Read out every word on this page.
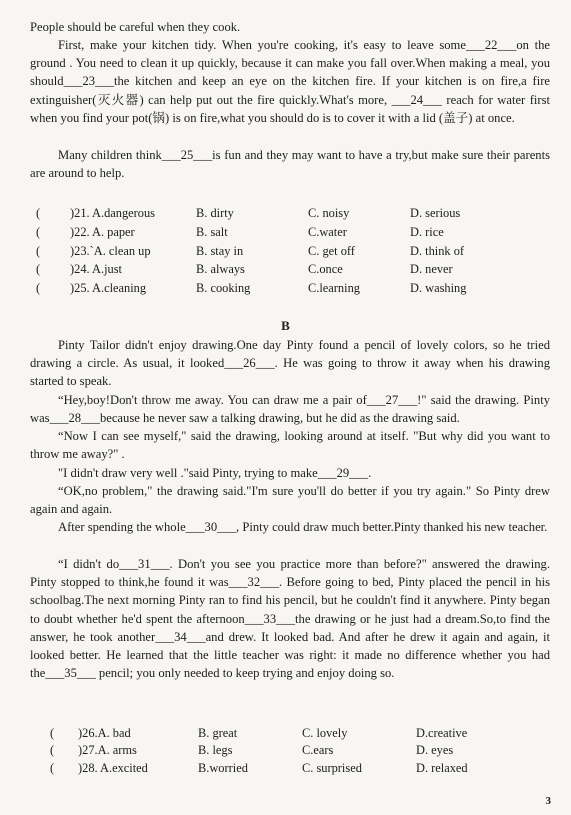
People should be careful when they cook.

First, make your kitchen tidy. When you're cooking, it's easy to leave some___22___on the ground . You need to clean it up quickly, because it can make you fall over.When making a meal, you should___23___the kitchen and keep an eye on the kitchen fire. If your kitchen is on fire,a fire extinguisher(灭火器) can help put out the fire quickly.What's more, ___24___ reach for water first when you find your pot(锅) is on fire,what you should do is to cover it with a lid (盖子) at once.

Many children think___25___is fun and they may want to have a try,but make sure their parents are around to help.

( )21. A.dangerous	B. dirty	C. noisy	D. serious
( )22. A. paper	B. salt	C.water	D. rice
( )23.`A. clean up	B. stay in	C. get off	D. think of
( )24. A.just	B. always	C.once	D. never
( )25. A.cleaning	B. cooking	C.learning	D. washing
B

Pinty Tailor didn't enjoy drawing.One day Pinty found a pencil of lovely colors, so he tried drawing a circle. As usual, it looked___26___. He was going to throw it away when his drawing started to speak.

“Hey,boy!Don't throw me away. You can draw me a pair of___27___!" said the drawing. Pinty was___28___because he never saw a talking drawing, but he did as the drawing said.

“Now I can see myself," said the drawing, looking around at itself. "But why did you want to throw me away?" .

"I didn't draw very well ."said Pinty, trying to make___29___.

“OK,no problem," the drawing said."I'm sure you'll do better if you try again." So Pinty drew again and again.

After spending the whole___30___, Pinty could draw much better.Pinty thanked his new teacher.

“I didn't do___31___. Don't you see you practice more than before?" answered the drawing. Pinty stopped to think,he found it was___32___. Before going to bed, Pinty placed the pencil in his schoolbag.The next morning Pinty ran to find his pencil, but he couldn't find it anywhere. Pinty began to doubt whether he'd spent the afternoon___33___the drawing or he just had a dream.So,to find the answer, he took another___34___and drew. It looked bad. And after he drew it again and again, it looked better. He learned that the little teacher was right: it made no difference whether you had the___35___ pencil; you only needed to keep trying and enjoy doing so.

( )26.A. bad	B. great	C. lovely	D.creative
( )27.A. arms	B. legs	C.ears	D. eyes
( )28. A.excited	B.worried	C. surprised	D. relaxed
3
